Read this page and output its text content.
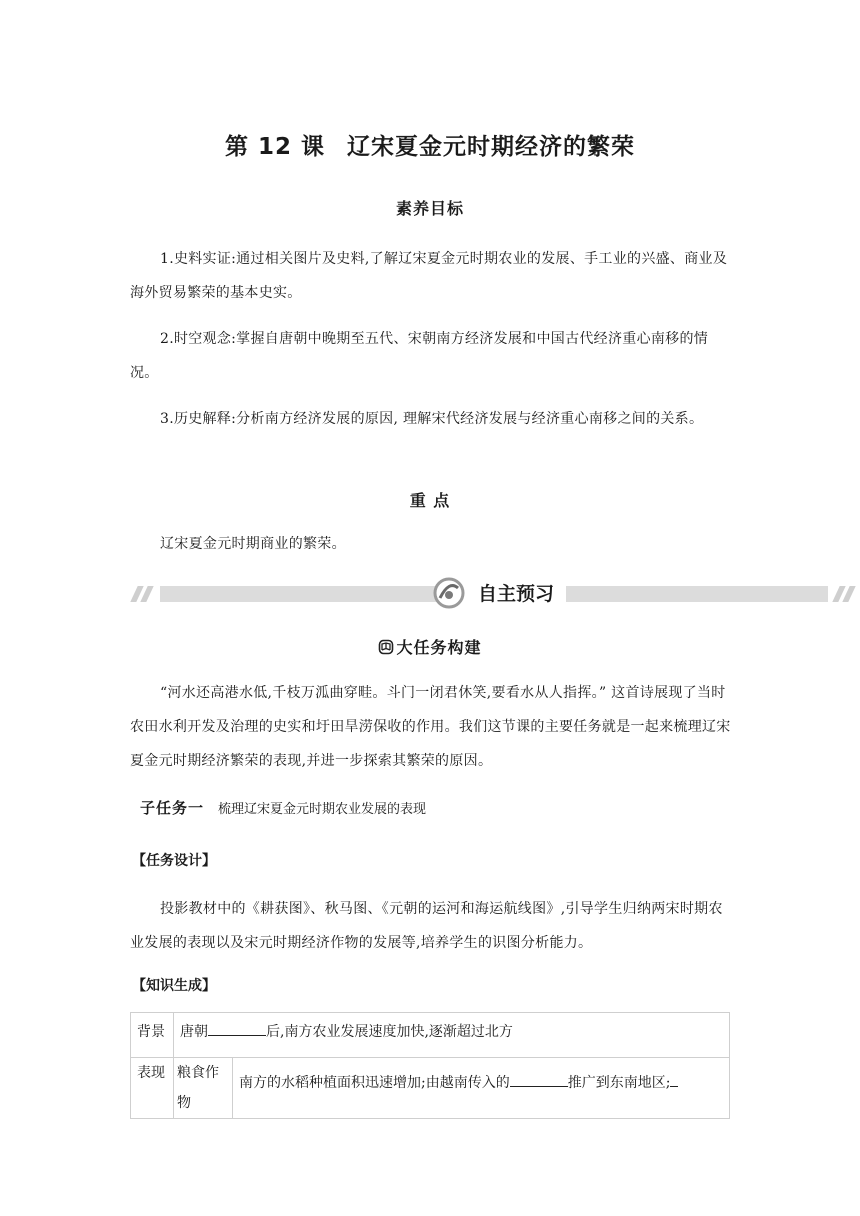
第 12 课 辽宋夏金元时期经济的繁荣
素养目标
1.史料实证:通过相关图片及史料,了解辽宋夏金元时期农业的发展、手工业的兴盛、商业及海外贸易繁荣的基本史实。
2.时空观念:掌握自唐朝中晚期至五代、宋朝南方经济发展和中国古代经济重心南移的情况。
3.历史解释:分析南方经济发展的原因, 理解宋代经济发展与经济重心南移之间的关系。
重 点
辽宋夏金元时期商业的繁荣。
自主预习
大任务构建
“河水还高港水低,千枝万泒曲穿畦。斗门一闭君休笑,要看水从人指挥。” 这首诗展现了当时农田水利开发及治理的史实和圩田旱涝保收的作用。我们这节课的主要任务就是一起来梳理辽宋夏金元时期经济繁荣的表现,并进一步探索其繁荣的原因。
子任务一 梳理辽宋夏金元时期农业发展的表现
【任务设计】
投影教材中的《耕获图》、秋马图、《元朝的运河和海运航线图》,引导学生归纳两宋时期农业发展的表现以及宋元时期经济作物的发展等,培养学生的识图分析能力。
【知识生成】
背景	唐朝 后,南方农业发展速度加快,逐渐超过北方	
表现	粮食作物	南方的水稻种植面积迅速增加;由越南传入的 推广到东南地区;
